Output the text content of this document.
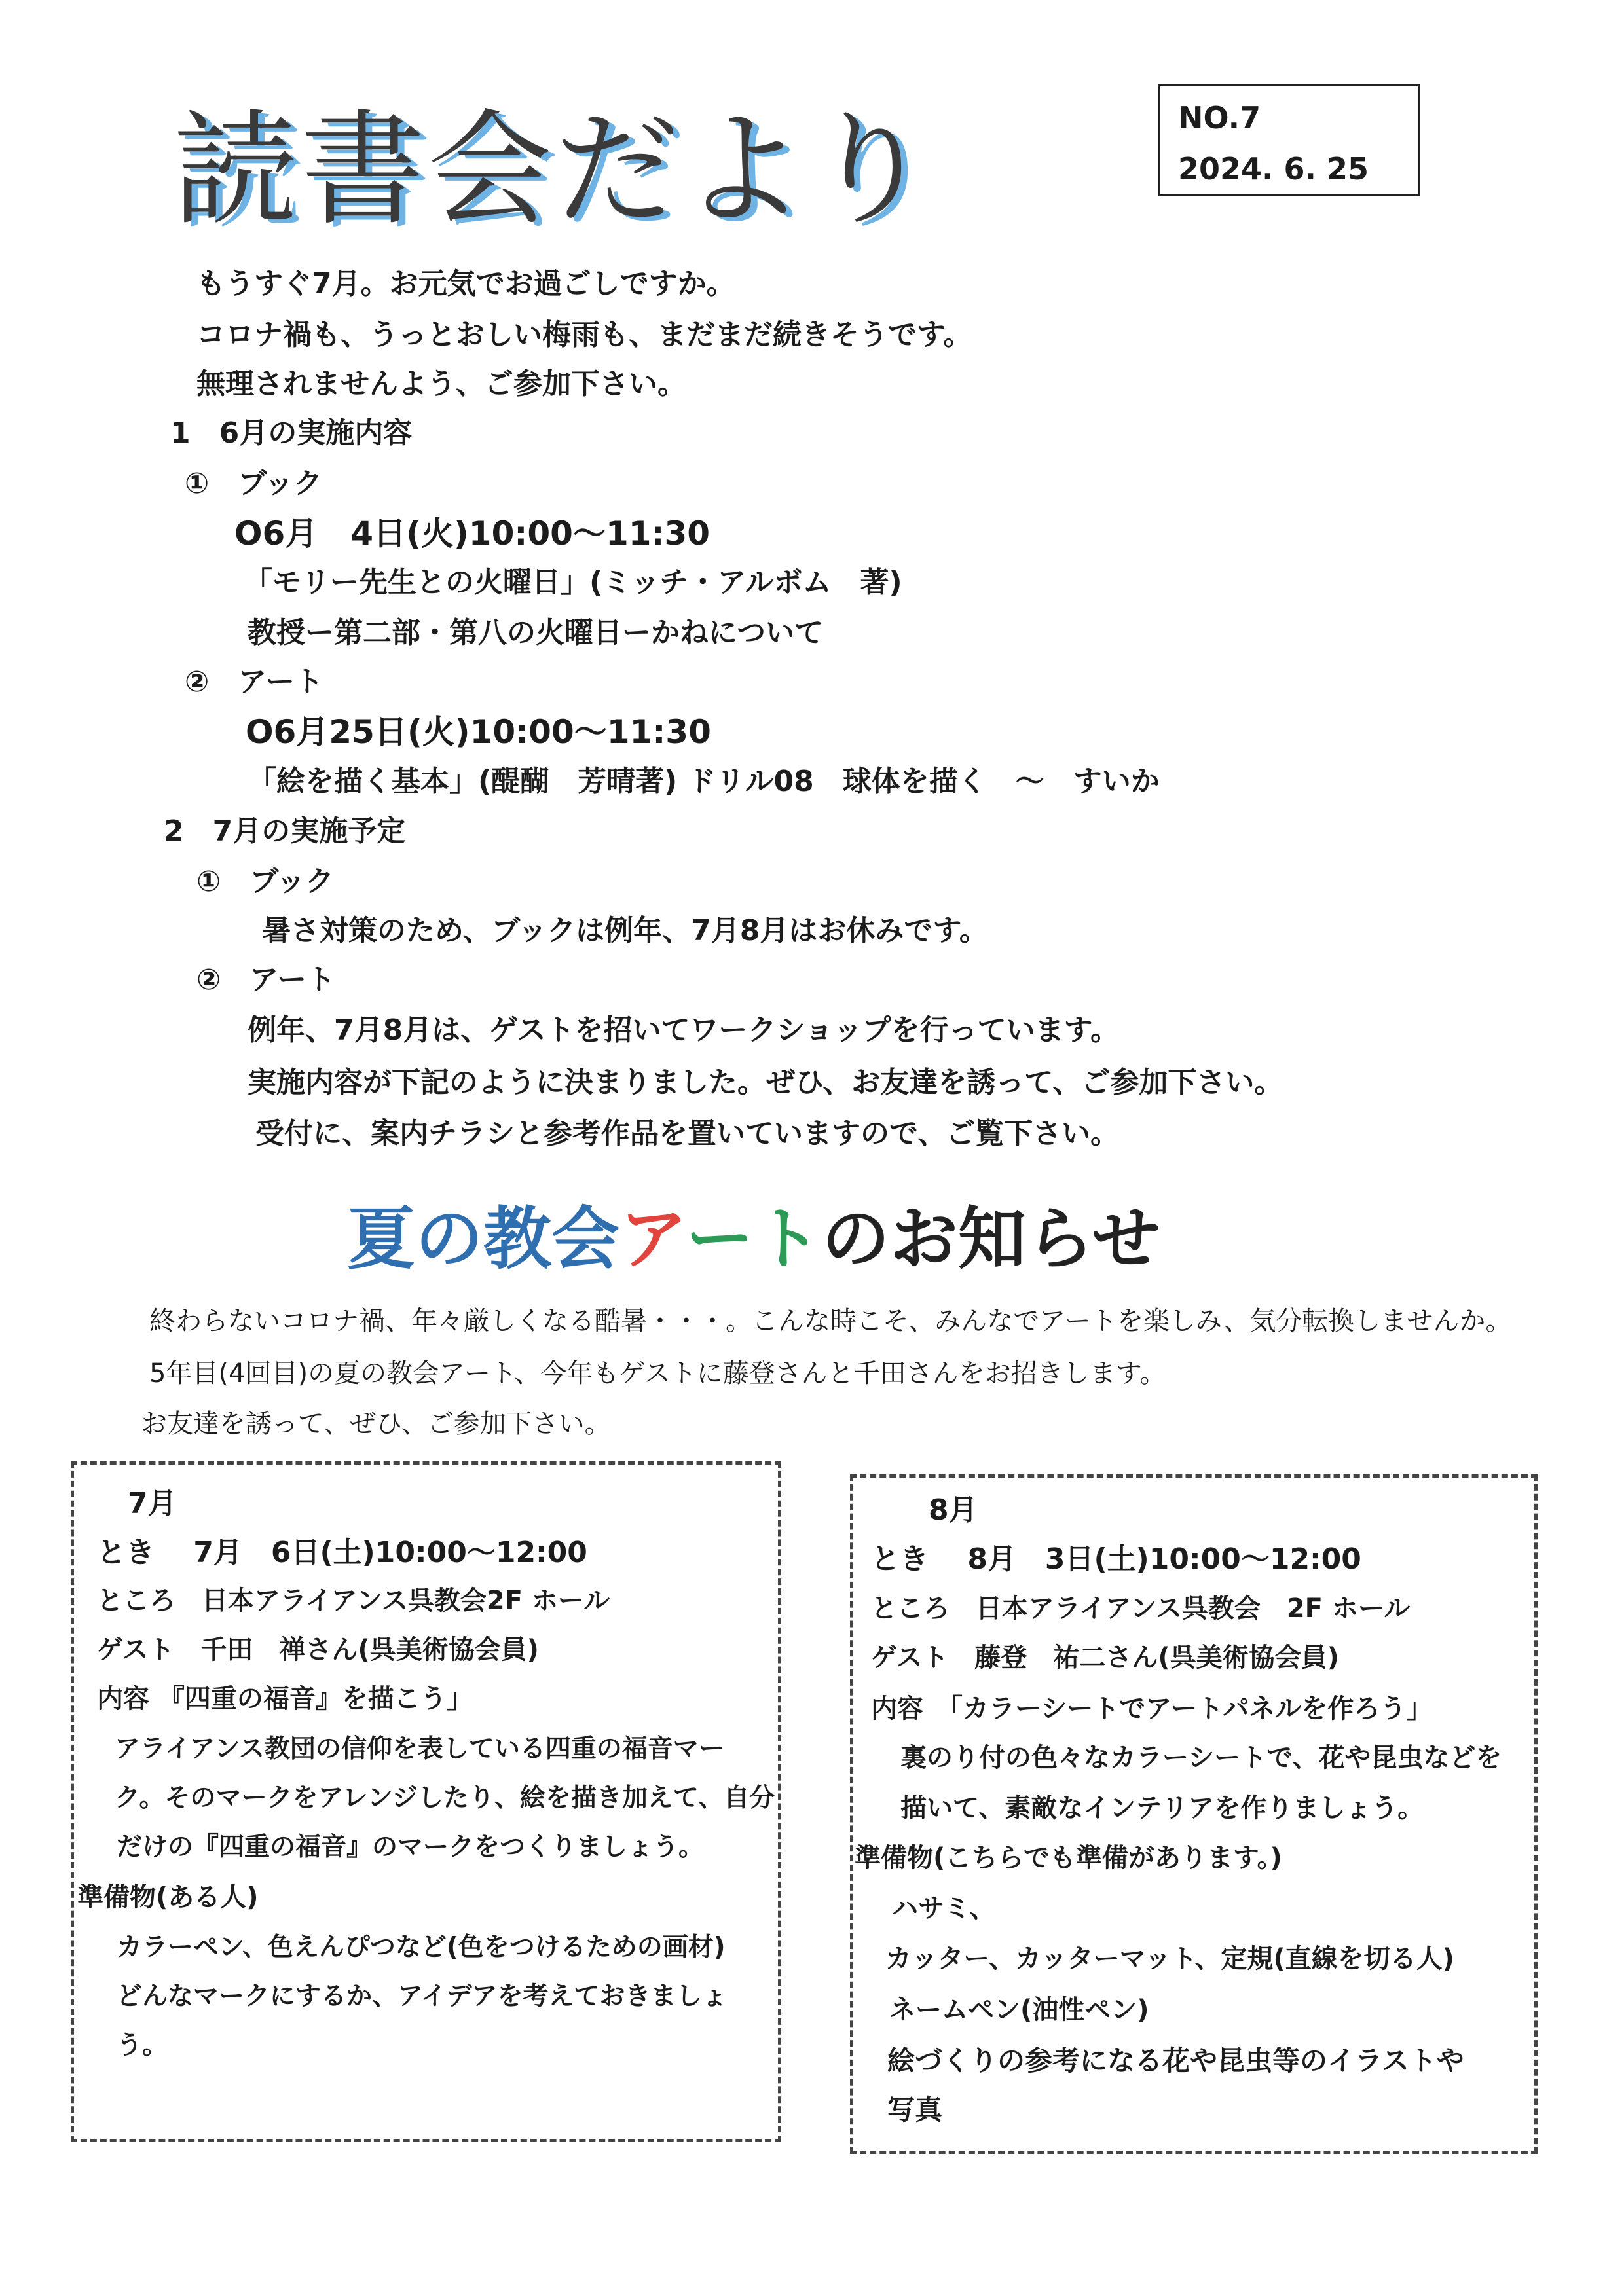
読書会だより	NO.7
2024. 6. 25
もうすぐ7月。お元気でお過ごしですか。
コロナ禍も、うっとおしい梅雨も、まだまだ続きそうです。
無理されませんよう、ご参加下さい。
1　6月の実施内容
①　ブック
O6月　4日(火)10:00～11:30
「モリー先生との火曜日」(ミッチ・アルボム　著)
教授ー第二部・第八の火曜日ーかねについて
②　アート
O6月25日(火)10:00～11:30
「絵を描く基本」(醍醐　芳晴著) ドリル08　球体を描く　～　すいか
2　7月の実施予定
①　ブック
暑さ対策のため、ブックは例年、7月8月はお休みです。
②　アート
例年、7月8月は、ゲストを招いてワークショップを行っています。
実施内容が下記のように決まりました。ぜひ、お友達を誘って、ご参加下さい。
受付に、案内チラシと参考作品を置いていますので、ご覧下さい。
夏の教会アートのお知らせ
終わらないコロナ禍、年々厳しくなる酷暑・・・。こんな時こそ、みんなでアートを楽しみ、気分転換しませんか。
5年目(4回目)の夏の教会アート、今年もゲストに藤登さんと千田さんをお招きします。
お友達を誘って、ぜひ、ご参加下さい。
7月
とき　 7月　6日(土)10:00～12:00
ところ　日本アライアンス呉教会2F ホール
ゲスト　千田　禅さん(呉美術協会員)
内容 『四重の福音』を描こう」
アライアンス教団の信仰を表している四重の福音マー
ク。そのマークをアレンジしたり、絵を描き加えて、自分
だけの『四重の福音』のマークをつくりましょう。
準備物(ある人)
カラーペン、色えんぴつなど(色をつけるための画材)
どんなマークにするか、アイデアを考えておきましょ
う。
8月
とき　 8月　3日(土)10:00～12:00
ところ　日本アライアンス呉教会　2F ホール
ゲスト　藤登　祐二さん(呉美術協会員)
内容　「カラーシートでアートパネルを作ろう」
裏のり付の色々なカラーシートで、花や昆虫などを
描いて、素敵なインテリアを作りましょう。
準備物(こちらでも準備があります。)
ハサミ、
カッター、カッターマット、定規(直線を切る人)
ネームペン(油性ペン)
絵づくりの参考になる花や昆虫等のイラストや
写真
